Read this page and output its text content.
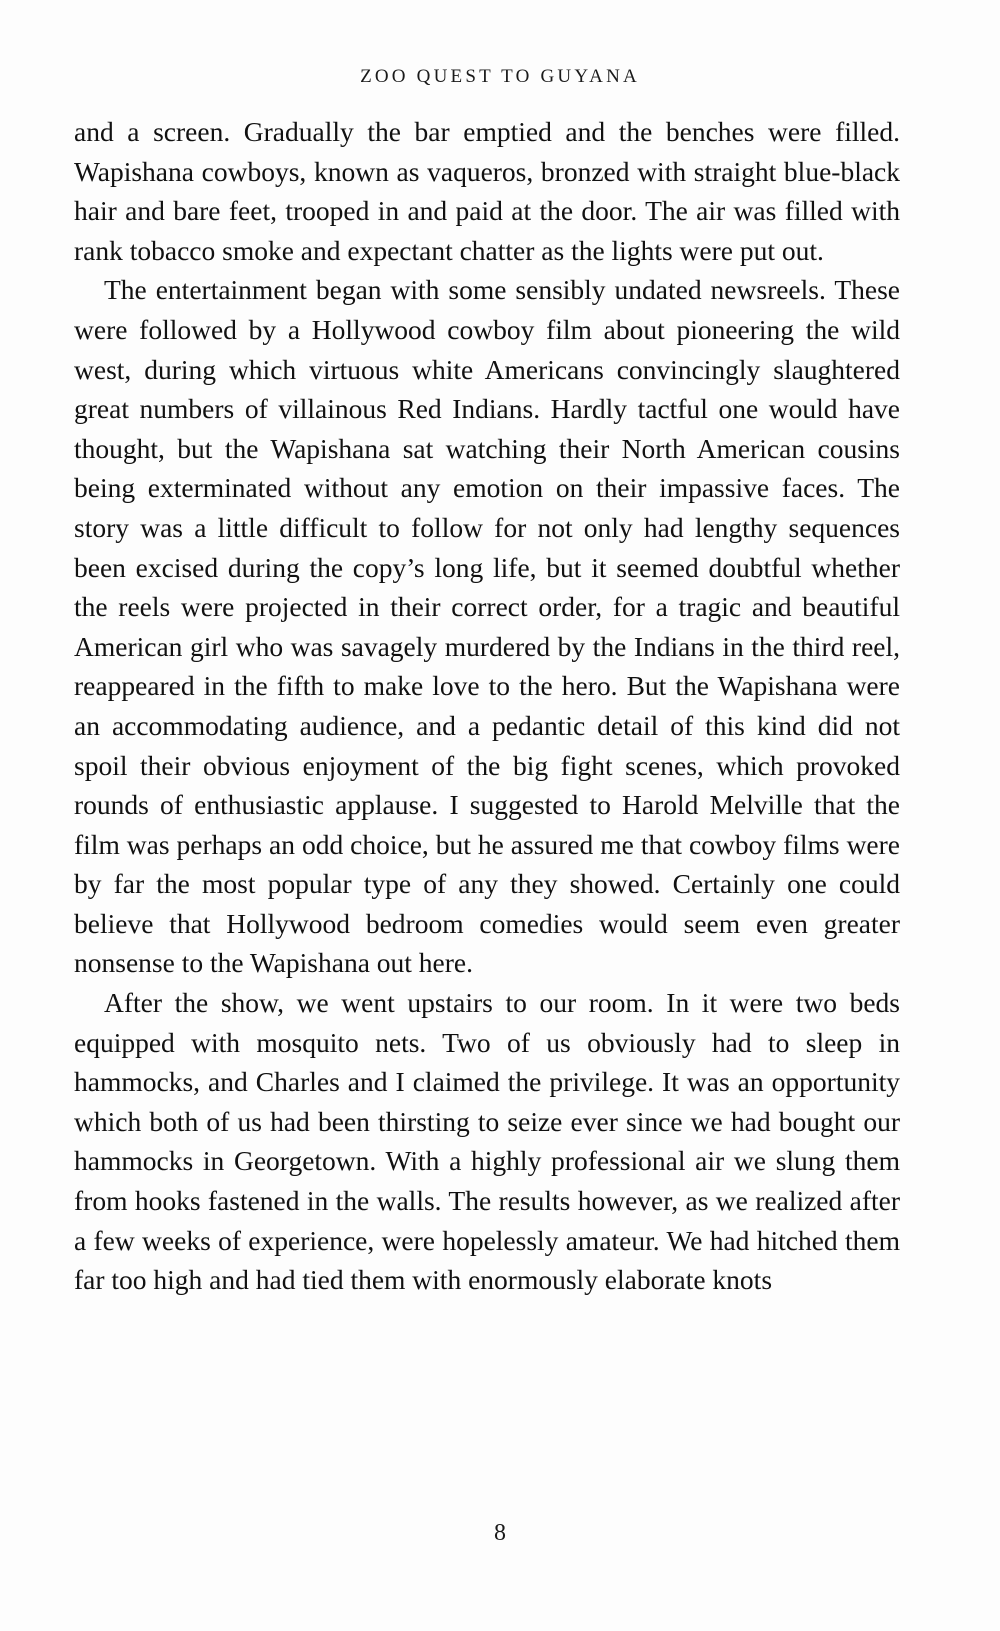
ZOO QUEST TO GUYANA

and a screen. Gradually the bar emptied and the benches were filled. Wapishana cowboys, known as vaqueros, bronzed with straight blue-black hair and bare feet, trooped in and paid at the door. The air was filled with rank tobacco smoke and expectant chatter as the lights were put out.

The entertainment began with some sensibly undated newsreels. These were followed by a Hollywood cowboy film about pioneering the wild west, during which virtuous white Americans convincingly slaughtered great numbers of villainous Red Indians. Hardly tactful one would have thought, but the Wapishana sat watching their North American cousins being exterminated without any emotion on their impassive faces. The story was a little difficult to follow for not only had lengthy sequences been excised during the copy’s long life, but it seemed doubtful whether the reels were projected in their correct order, for a tragic and beautiful American girl who was savagely murdered by the Indians in the third reel, reappeared in the fifth to make love to the hero. But the Wapishana were an accommodating audience, and a pedantic detail of this kind did not spoil their obvious enjoyment of the big fight scenes, which provoked rounds of enthusiastic applause. I suggested to Harold Melville that the film was perhaps an odd choice, but he assured me that cowboy films were by far the most popular type of any they showed. Certainly one could believe that Hollywood bedroom comedies would seem even greater nonsense to the Wapishana out here.

After the show, we went upstairs to our room. In it were two beds equipped with mosquito nets. Two of us obviously had to sleep in hammocks, and Charles and I claimed the privilege. It was an opportunity which both of us had been thirsting to seize ever since we had bought our hammocks in Georgetown. With a highly professional air we slung them from hooks fastened in the walls. The results however, as we realized after a few weeks of experience, were hopelessly amateur. We had hitched them far too high and had tied them with enormously elaborate knots

8
